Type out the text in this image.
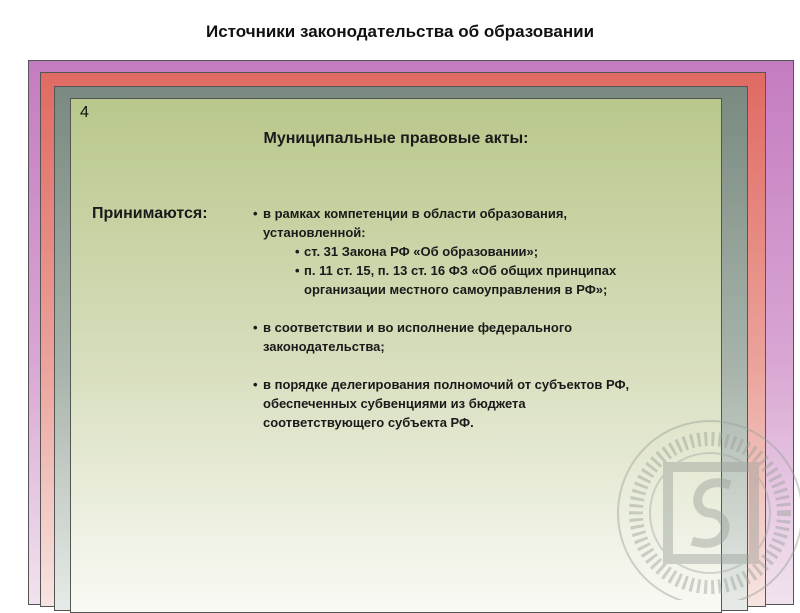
Источники законодательства об образовании
4
Муниципальные правовые акты:
Принимаются:
•	в рамках компетенции в области образования,
установленной:
• ст. 31 Закона РФ «Об образовании»;
• п. 11 ст. 15, п. 13 ст. 16 ФЗ «Об общих принципах
организации местного самоуправления в РФ»;
• в соответствии и во исполнение федерального
законодательства;
• в порядке делегирования полномочий от субъектов РФ,
обеспеченных субвенциями из бюджета
соответствующего субъекта РФ.
